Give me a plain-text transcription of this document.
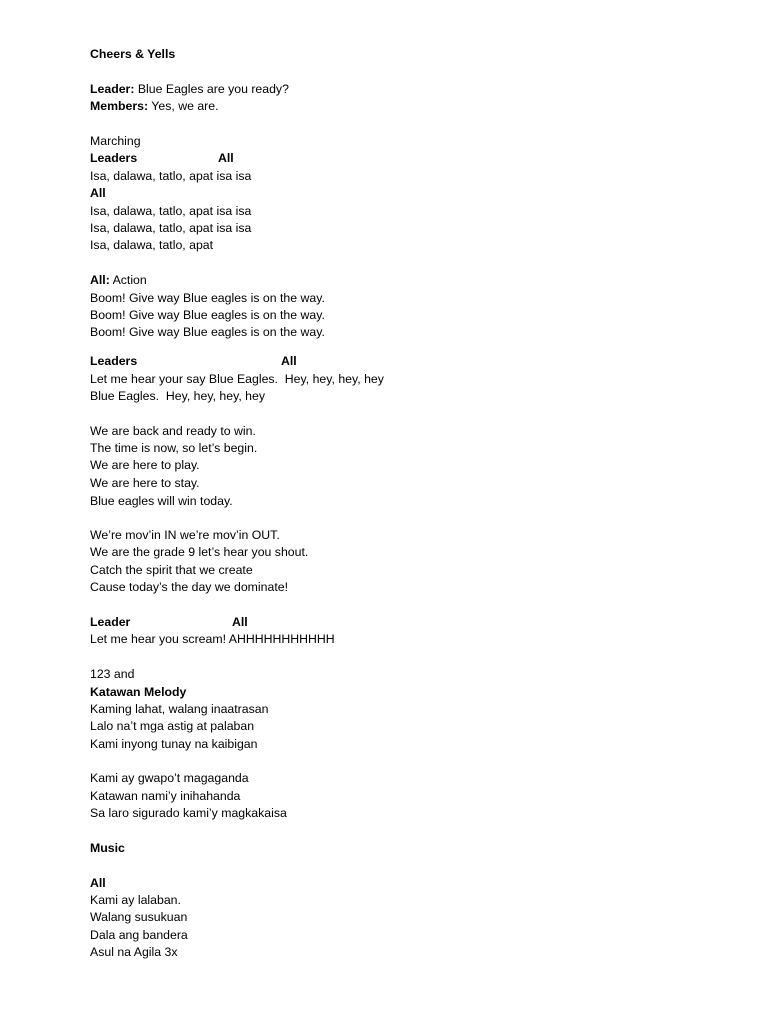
Cheers & Yells
Leader: Blue Eagles are you ready?
Members: Yes, we are.
Marching
Leaders	All
Isa, dalawa, tatlo, apat isa isa
All
Isa, dalawa, tatlo, apat isa isa
Isa, dalawa, tatlo, apat isa isa
Isa, dalawa, tatlo, apat
All: Action
Boom! Give way Blue eagles is on the way.
Boom! Give way Blue eagles is on the way.
Boom! Give way Blue eagles is on the way.
Leaders	All
Let me hear your say Blue Eagles.  Hey, hey, hey, hey
Blue Eagles.  Hey, hey, hey, hey
We are back and ready to win.
The time is now, so let’s begin.
We are here to play.
We are here to stay.
Blue eagles will win today.
We’re mov’in IN we’re mov’in OUT.
We are the grade 9 let’s hear you shout.
Catch the spirit that we create
Cause today’s the day we dominate!
Leader	All
Let me hear you scream! AHHHHHHHHHHH
123 and
Katawan Melody
Kaming lahat, walang inaatrasan
Lalo na’t mga astig at palaban
Kami inyong tunay na kaibigan
Kami ay gwapo’t magaganda
Katawan nami’y inihahanda
Sa laro sigurado kami’y magkakaisa
Music
All
Kami ay lalaban.
Walang susukuan
Dala ang bandera
Asul na Agila 3x
